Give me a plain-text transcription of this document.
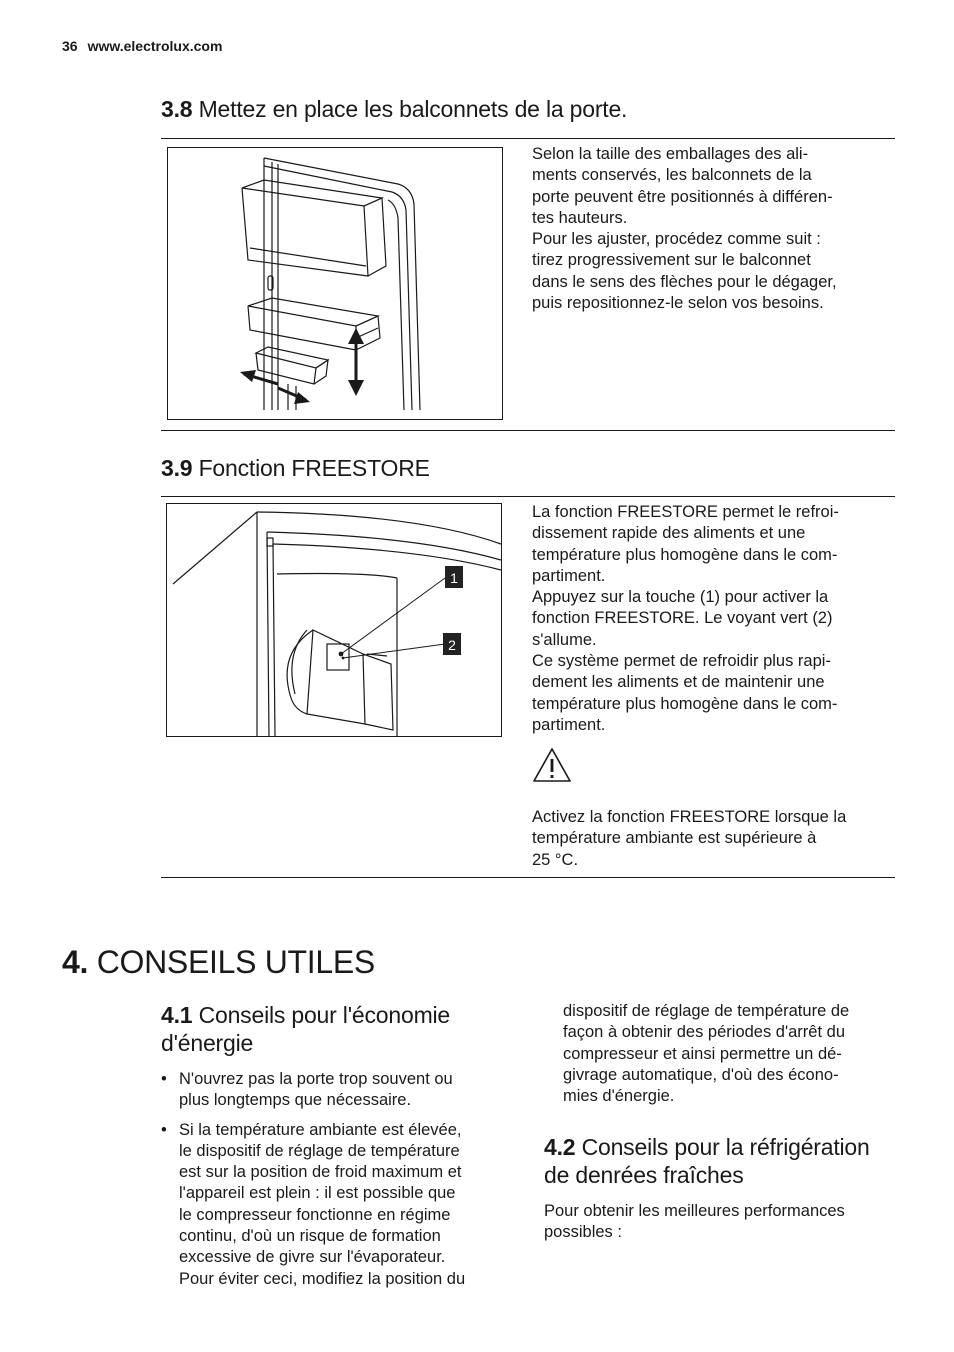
36 www.electrolux.com
3.8 Mettez en place les balconnets de la porte.

Selon la taille des emballages des ali-
ments conservés, les balconnets de la
porte peuvent être positionnés à différen-
tes hauteurs.

Pour les ajuster, procédez comme suit :
tirez progressivement sur le balconnet
dans le sens des flèches pour le dégager,
puis repositionnez-le selon vos besoins.

3.9 Fonction FREESTORE
1
2

La fonction FREESTORE permet le refroi-
dissement rapide des aliments et une
température plus homogène dans le com-
partiment.

Appuyez sur la touche (1) pour activer la
fonction FREESTORE. Le voyant vert (2)
s'allume.

Ce système permet de refroidir plus rapi-
dement les aliments et de maintenir une
température plus homogène dans le com-
partiment.

Activez la fonction FREESTORE lorsque la
température ambiante est supérieure à
25 °C.
4. CONSEILS UTILES
4.1 Conseils pour l'économie
d'énergie
• N'ouvrez pas la porte trop souvent ou
plus longtemps que nécessaire.
• Si la température ambiante est élevée,
le dispositif de réglage de température
est sur la position de froid maximum et
l'appareil est plein : il est possible que
le compresseur fonctionne en régime
continu, d'où un risque de formation
excessive de givre sur l'évaporateur.
Pour éviter ceci, modifiez la position du
dispositif de réglage de température de
façon à obtenir des périodes d'arrêt du
compresseur et ainsi permettre un dé-
givrage automatique, d'où des écono-
mies d'énergie.
4.2 Conseils pour la réfrigération
de denrées fraîches
Pour obtenir les meilleures performances
possibles :
